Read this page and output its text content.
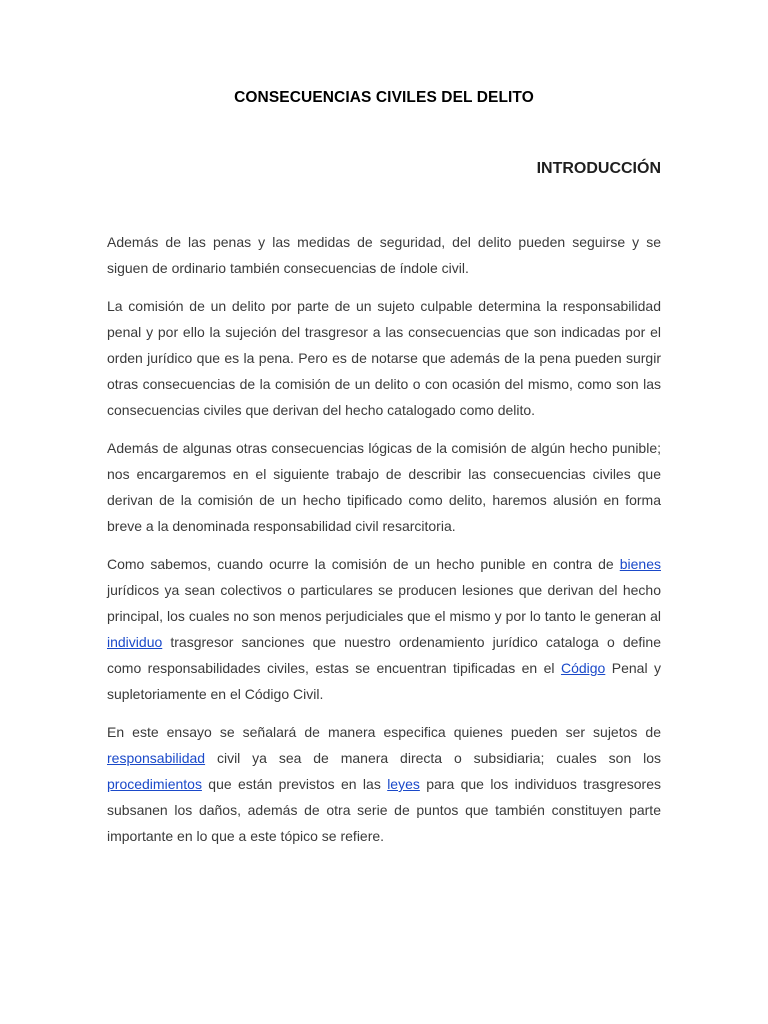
CONSECUENCIAS CIVILES DEL DELITO
INTRODUCCIÓN

Además de las penas y las medidas de seguridad, del delito pueden seguirse y se siguen de ordinario también consecuencias de índole civil.

La comisión de un delito por parte de un sujeto culpable determina la responsabilidad penal y por ello la sujeción del trasgresor a las consecuencias que son indicadas por el orden jurídico que es la pena. Pero es de notarse que además de la pena pueden surgir otras consecuencias de la comisión de un delito o con ocasión del mismo, como son las consecuencias civiles que derivan del hecho catalogado como delito.

Además de algunas otras consecuencias lógicas de la comisión de algún hecho punible; nos encargaremos en el siguiente trabajo de describir las consecuencias civiles que derivan de la comisión de un hecho tipificado como delito, haremos alusión en forma breve a la denominada responsabilidad civil resarcitoria.

Como sabemos, cuando ocurre la comisión de un hecho punible en contra de bienes jurídicos ya sean colectivos o particulares se producen lesiones que derivan del hecho principal, los cuales no son menos perjudiciales que el mismo y por lo tanto le generan al individuo trasgresor sanciones que nuestro ordenamiento jurídico cataloga o define como responsabilidades civiles, estas se encuentran tipificadas en el Código Penal y supletoriamente en el Código Civil.

En este ensayo se señalará de manera especifica quienes pueden ser sujetos de responsabilidad civil ya sea de manera directa o subsidiaria; cuales son los procedimientos que están previstos en las leyes para que los individuos trasgresores subsanen los daños, además de otra serie de puntos que también constituyen parte importante en lo que a este tópico se refiere.
